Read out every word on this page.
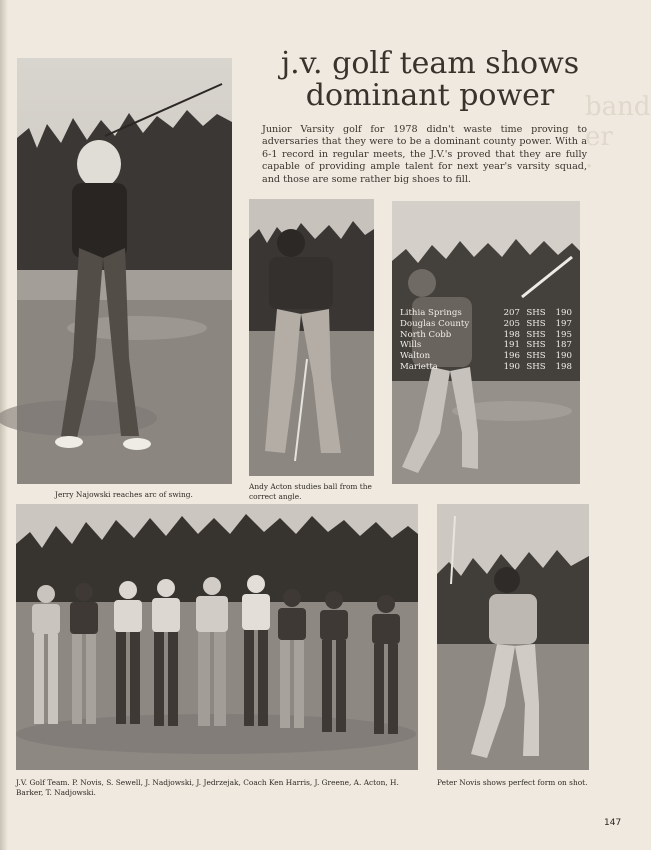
band
er
·
j.v. golf team shows
dominant power
Junior Varsity golf for 1978 didn't waste time proving to adversaries that they were to be a dominant county power. With a 6-1 record in regular meets, the J.V.'s proved that they are fully capable of providing ample talent for next year's varsity squad, and those are some rather big shoes to fill.
Jerry Najowski reaches arc of swing.
Andy Acton studies ball from the correct angle.
Lithia Springs	207 SHS	190
Douglas County	205 SHS	197
North Cobb	198 SHS	195
Wills	191 SHS	187
Walton	196 SHS	190
Marietta	190 SHS	198
J.V. Golf Team. P. Novis, S. Sewell, J. Nadjowski, J. Jedrzejak, Coach Ken Harris, J. Greene, A. Acton, H. Barker, T. Nadjowski.
Peter Novis shows perfect form on shot.
147
